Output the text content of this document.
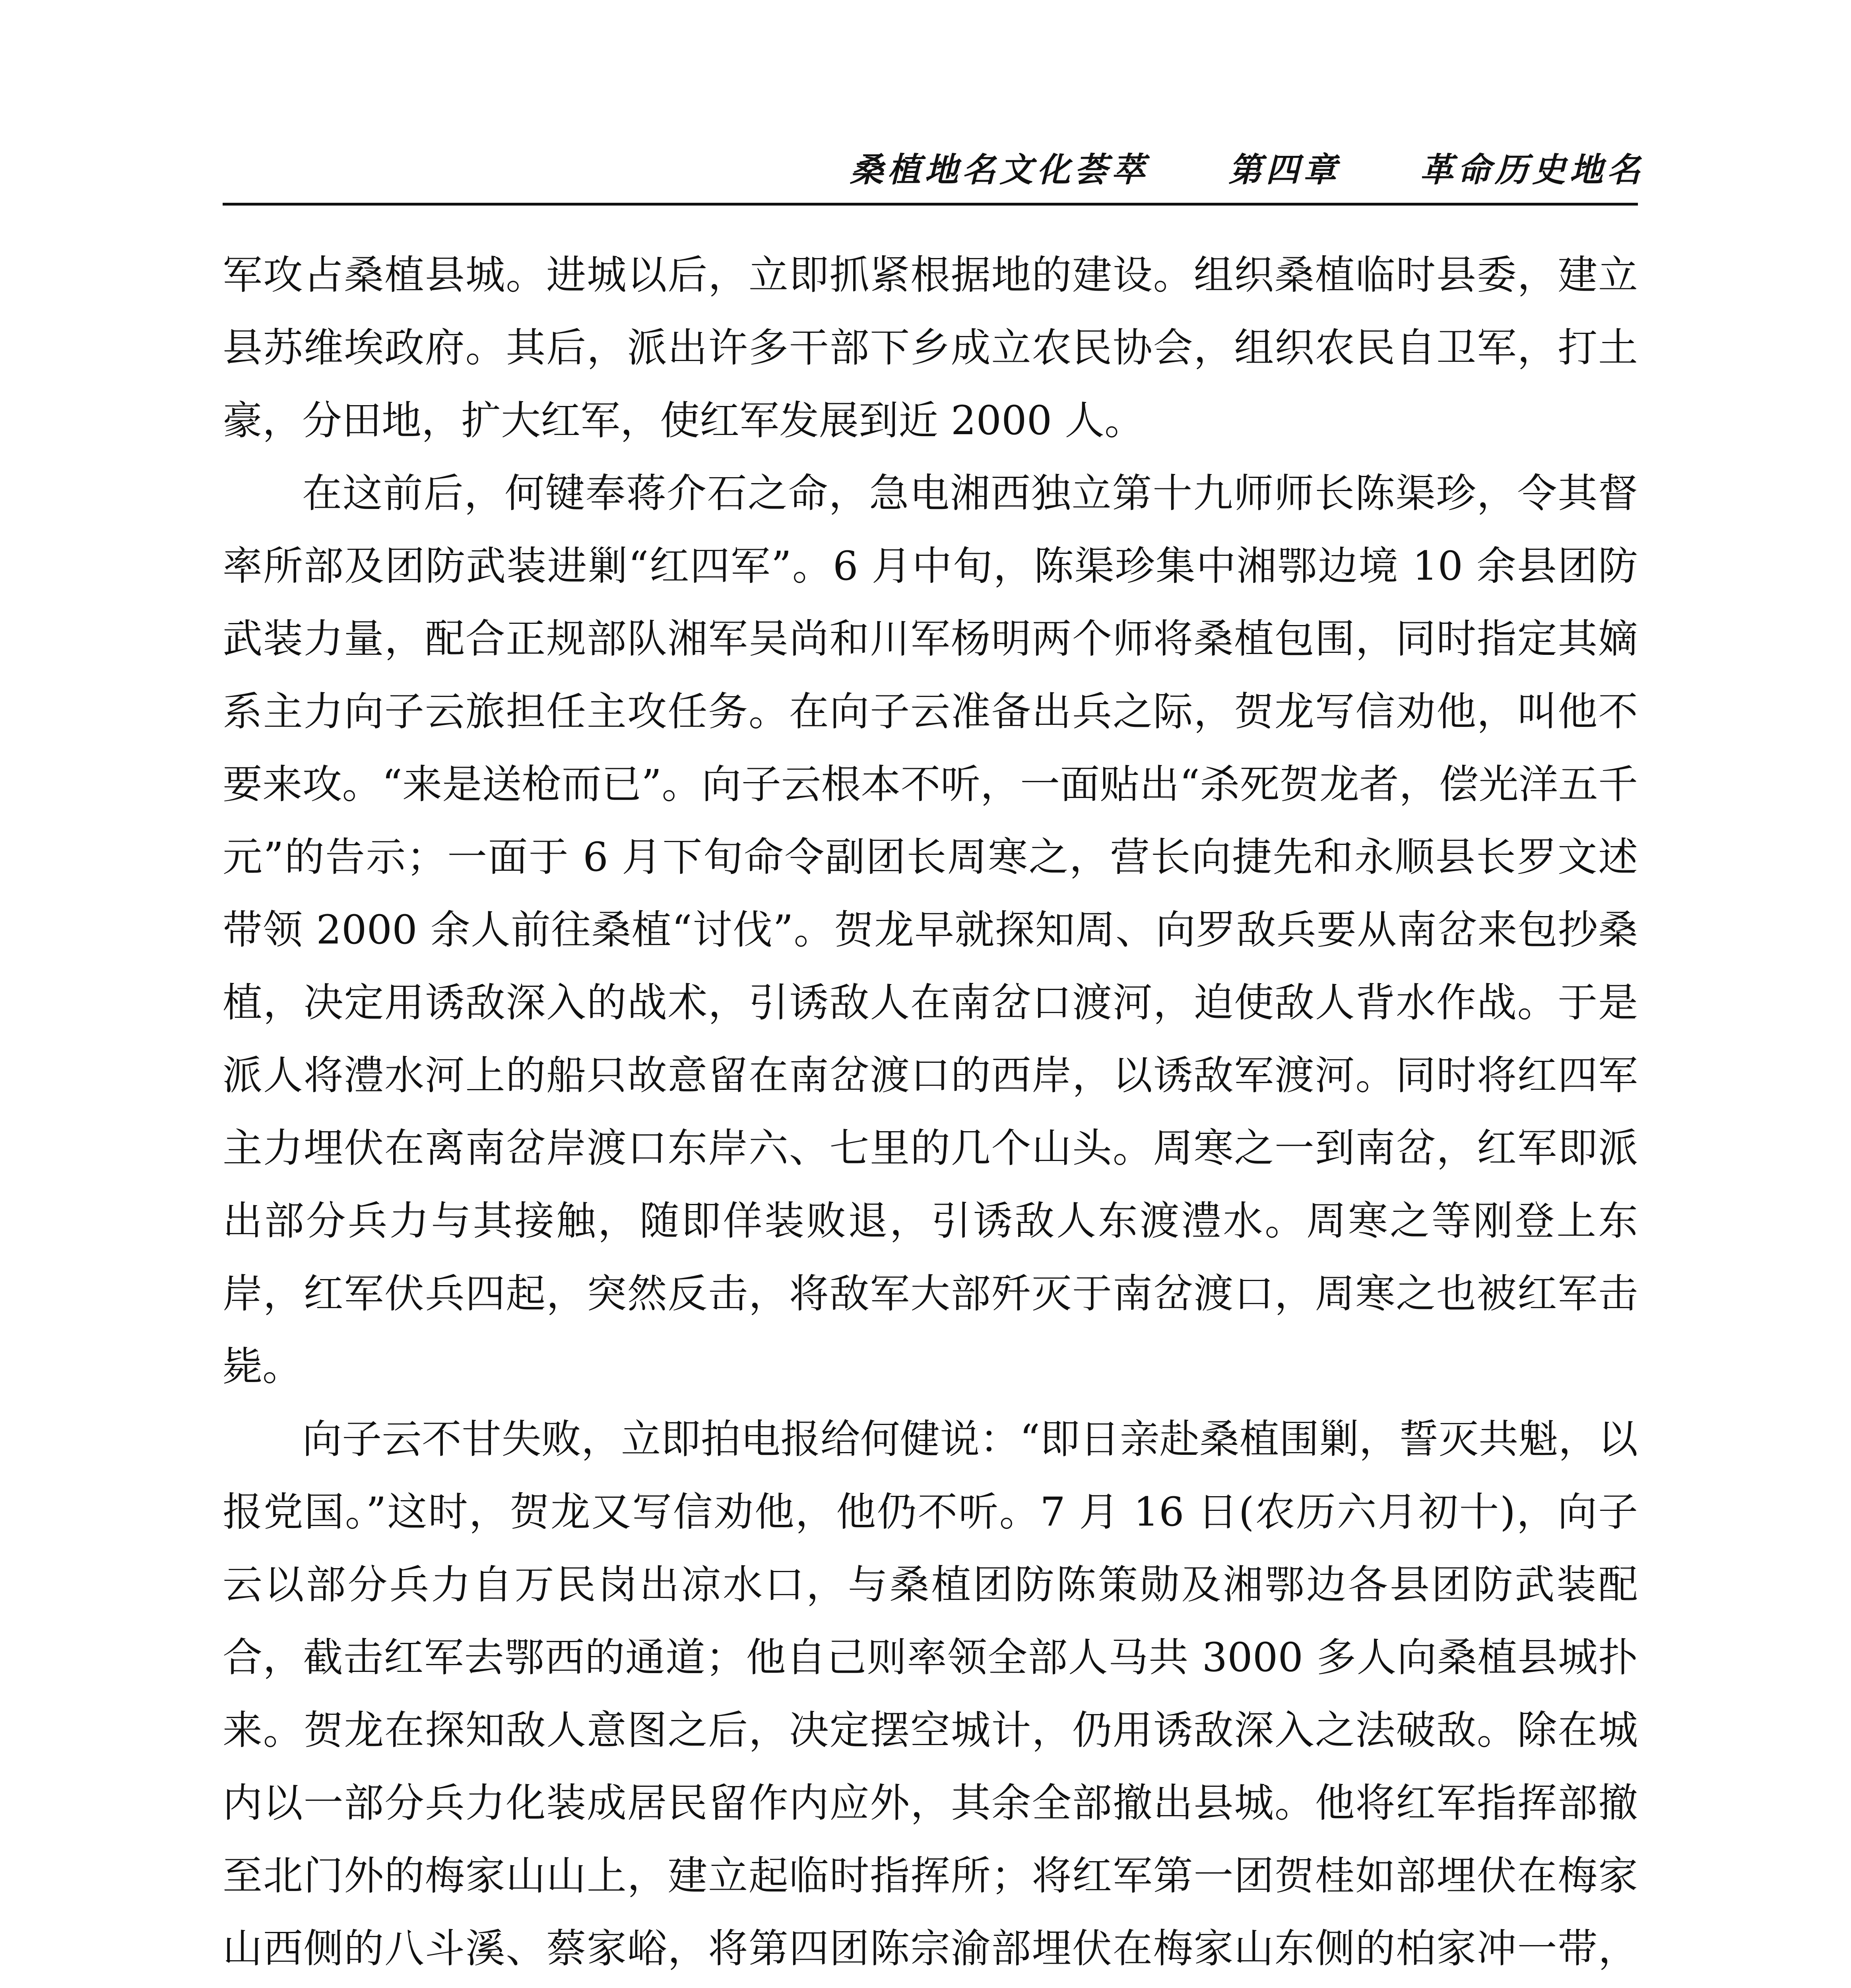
桑植地名文化荟萃 第四章 革命历史地名

军攻占桑植县城。进城以后，立即抓紧根据地的建设。组织桑植临时县委，建立县苏维埃政府。其后，派出许多干部下乡成立农民协会，组织农民自卫军，打土豪，分田地，扩大红军，使红军发展到近 2000 人。

在这前后，何键奉蒋介石之命，急电湘西独立第十九师师长陈渠珍，令其督率所部及团防武装进剿“红四军”。6 月中旬，陈渠珍集中湘鄂边境 10 余县团防武装力量，配合正规部队湘军吴尚和川军杨明两个师将桑植包围，同时指定其嫡系主力向子云旅担任主攻任务。在向子云准备出兵之际，贺龙写信劝他，叫他不要来攻。“来是送枪而已”。向子云根本不听，一面贴出“杀死贺龙者，偿光洋五千元”的告示；一面于 6 月下旬命令副团长周寒之，营长向捷先和永顺县长罗文述带领 2000 余人前往桑植“讨伐”。贺龙早就探知周、向罗敌兵要从南岔来包抄桑植，决定用诱敌深入的战术，引诱敌人在南岔口渡河，迫使敌人背水作战。于是派人将澧水河上的船只故意留在南岔渡口的西岸，以诱敌军渡河。同时将红四军主力埋伏在离南岔岸渡口东岸六、七里的几个山头。周寒之一到南岔，红军即派出部分兵力与其接触，随即佯装败退，引诱敌人东渡澧水。周寒之等刚登上东岸，红军伏兵四起，突然反击，将敌军大部歼灭于南岔渡口，周寒之也被红军击毙。

向子云不甘失败，立即拍电报给何健说：“即日亲赴桑植围剿，誓灭共魁，以报党国。”这时，贺龙又写信劝他，他仍不听。7 月 16 日(农历六月初十)，向子云以部分兵力自万民岗出凉水口，与桑植团防陈策勋及湘鄂边各县团防武装配合，截击红军去鄂西的通道；他自己则率领全部人马共 3000 多人向桑植县城扑来。贺龙在探知敌人意图之后，决定摆空城计，仍用诱敌深入之法破敌。除在城内以一部分兵力化装成居民留作内应外，其余全部撤出县城。他将红军指挥部撤至北门外的梅家山山上，建立起临时指挥所；将红军第一团贺桂如部埋伏在梅家山西侧的八斗溪、蔡家峪，将第四团陈宗渝部埋伏在梅家山东侧的柏家冲一带，
